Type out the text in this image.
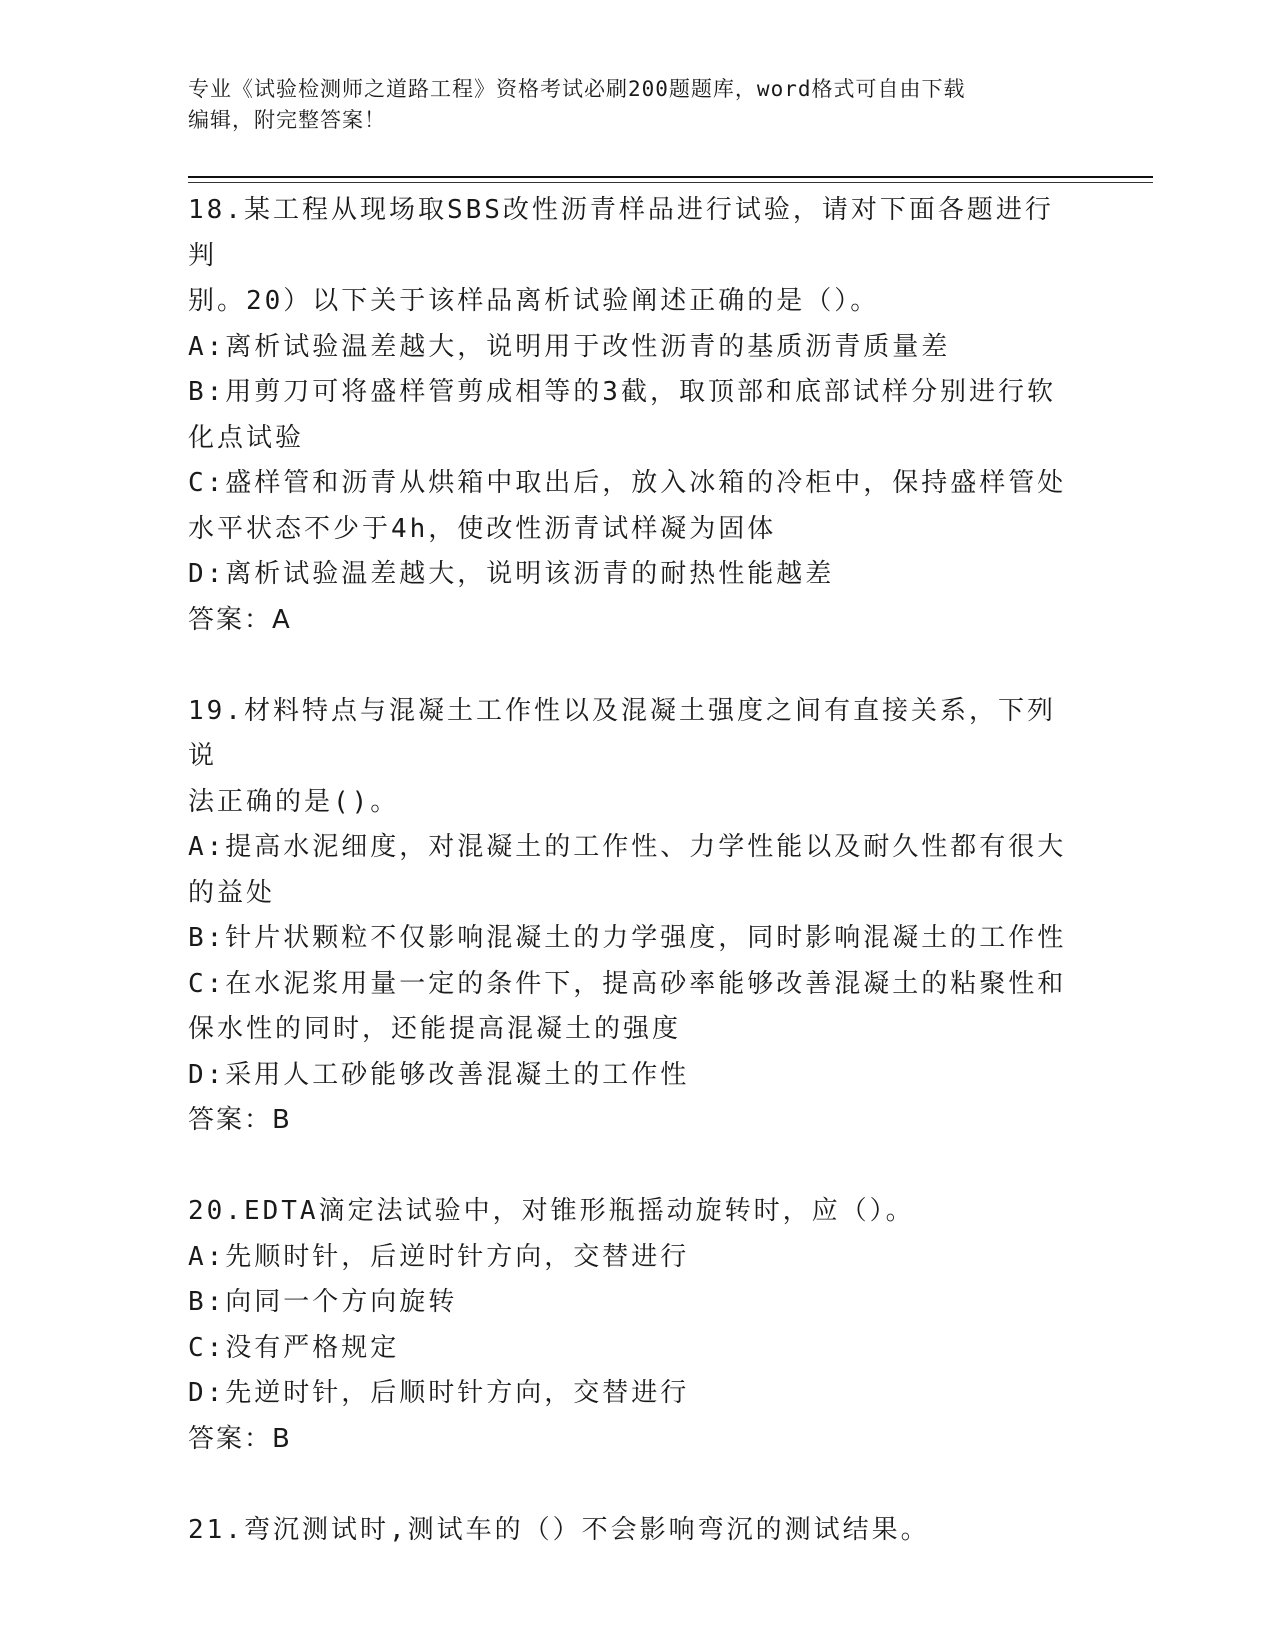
专业《试验检测师之道路工程》资格考试必刷200题题库，word格式可自由下载
编辑，附完整答案！
18.某工程从现场取SBS改性沥青样品进行试验，请对下面各题进行判
别。20）以下关于该样品离析试验阐述正确的是（）。
A:离析试验温差越大，说明用于改性沥青的基质沥青质量差
B:用剪刀可将盛样管剪成相等的3截，取顶部和底部试样分别进行软
化点试验
C:盛样管和沥青从烘箱中取出后，放入冰箱的冷柜中，保持盛样管处
水平状态不少于4h，使改性沥青试样凝为固体
D:离析试验温差越大，说明该沥青的耐热性能越差
答案：A
19.材料特点与混凝土工作性以及混凝土强度之间有直接关系，下列说
法正确的是()。
A:提高水泥细度，对混凝土的工作性、力学性能以及耐久性都有很大
的益处
B:针片状颗粒不仅影响混凝土的力学强度，同时影响混凝土的工作性
C:在水泥浆用量一定的条件下，提高砂率能够改善混凝土的粘聚性和
保水性的同时，还能提高混凝土的强度
D:采用人工砂能够改善混凝土的工作性
答案：B
20.EDTA滴定法试验中，对锥形瓶摇动旋转时，应（）。
A:先顺时针，后逆时针方向，交替进行
B:向同一个方向旋转
C:没有严格规定
D:先逆时针，后顺时针方向，交替进行
答案：B
21.弯沉测试时,测试车的（）不会影响弯沉的测试结果。
